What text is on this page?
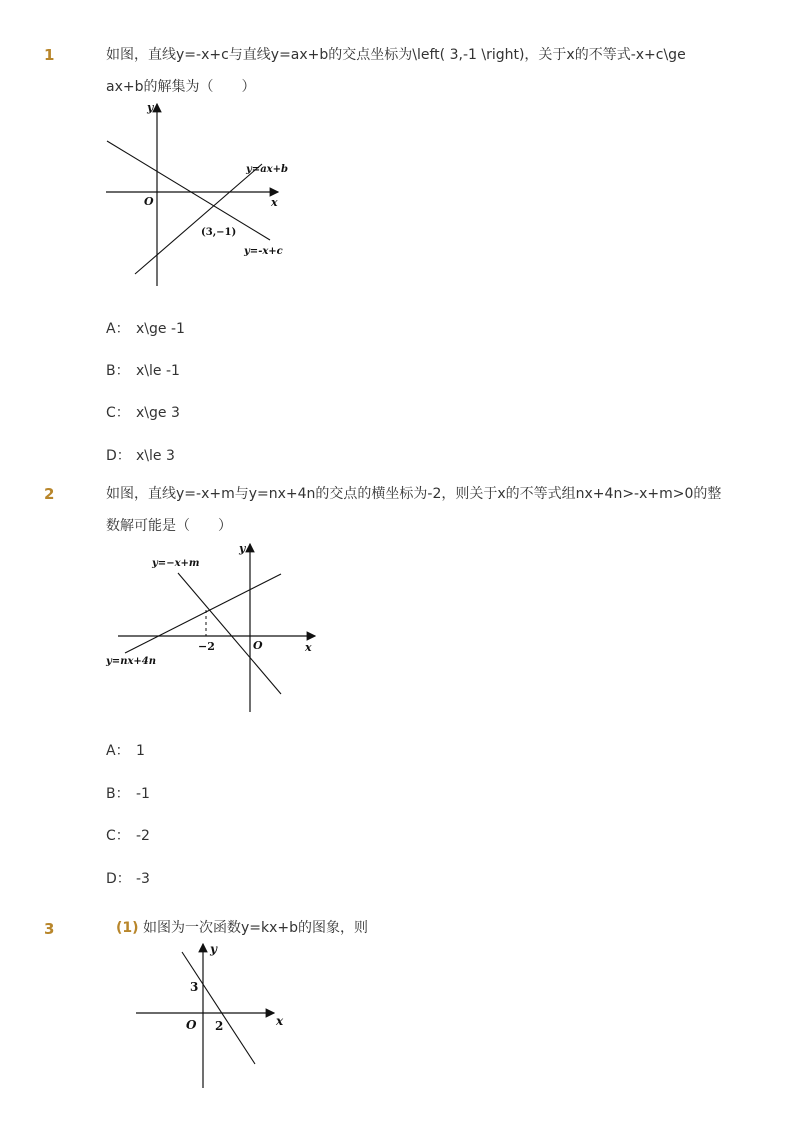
1	如图，直线y=-x+c与直线y=ax+b的交点坐标为\left( 3,-1 \right)，关于x的不等式-x+c\ge
ax+b的解集为（　　）
y
x
O
y=ax+b
y=-x+c
(3,−1)
A： x\ge -1
B： x\le -1
C： x\ge 3
D： x\le 3
2	如图，直线y=-x+m与y=nx+4n的交点的横坐标为-2，则关于x的不等式组nx+4n>-x+m>0的整
数解可能是（　　）
y
x
O
−2
y=−x+m
y=nx+4n
A： 1
B： -1
C： -2
D： -3
3	(1) 如图为一次函数y=kx+b的图象，则
y
x
O
3
2
